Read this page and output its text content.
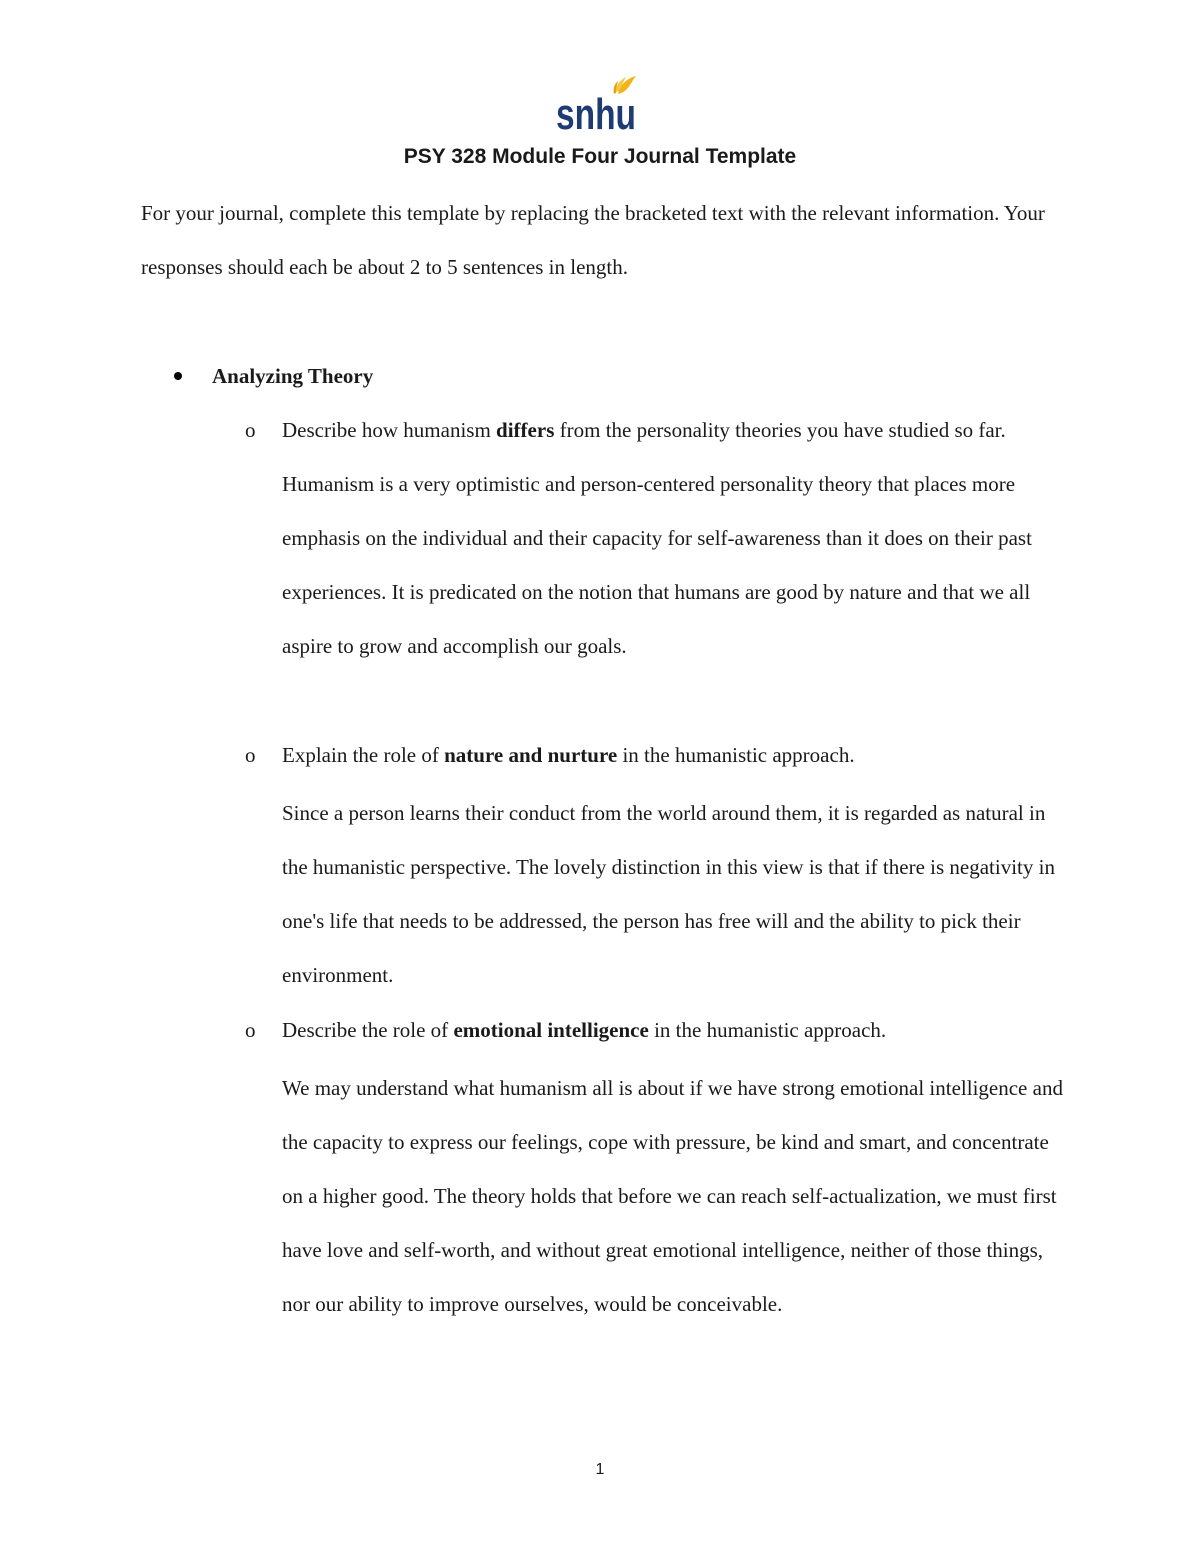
snhu
PSY 328 Module Four Journal Template

For your journal, complete this template by replacing the bracketed text with the relevant information. Your responses should each be about 2 to 5 sentences in length.

Analyzing Theory
o Describe how humanism differs from the personality theories you have studied so far.

Humanism is a very optimistic and person-centered personality theory that places more emphasis on the individual and their capacity for self-awareness than it does on their past experiences. It is predicated on the notion that humans are good by nature and that we all aspire to grow and accomplish our goals.

o Explain the role of nature and nurture in the humanistic approach.

Since a person learns their conduct from the world around them, it is regarded as natural in the humanistic perspective. The lovely distinction in this view is that if there is negativity in one's life that needs to be addressed, the person has free will and the ability to pick their environment.

o Describe the role of emotional intelligence in the humanistic approach.

We may understand what humanism all is about if we have strong emotional intelligence and the capacity to express our feelings, cope with pressure, be kind and smart, and concentrate on a higher good. The theory holds that before we can reach self-actualization, we must first have love and self-worth, and without great emotional intelligence, neither of those things, nor our ability to improve ourselves, would be conceivable.

1
